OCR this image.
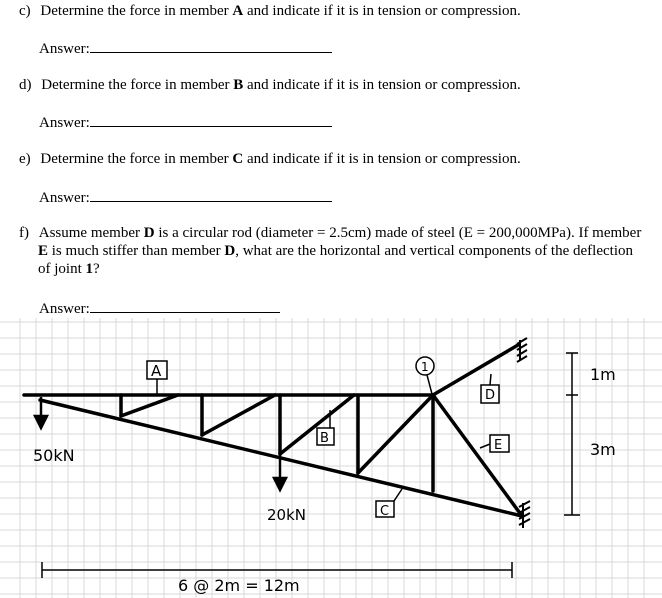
c) Determine the force in member A and indicate if it is in tension or compression.
Answer:
d) Determine the force in member B and indicate if it is in tension or compression.
Answer:
e) Determine the force in member C and indicate if it is in tension or compression.
Answer:
f) Assume member D is a circular rod (diameter = 2.5cm) made of steel (E = 200,000MPa). If member E is much stiffer than member D, what are the horizontal and vertical components of the deflection of joint 1?
Answer:
50kN
20kN
A
B
C
D
E
1	1m
3m
6 @ 2m = 12m
